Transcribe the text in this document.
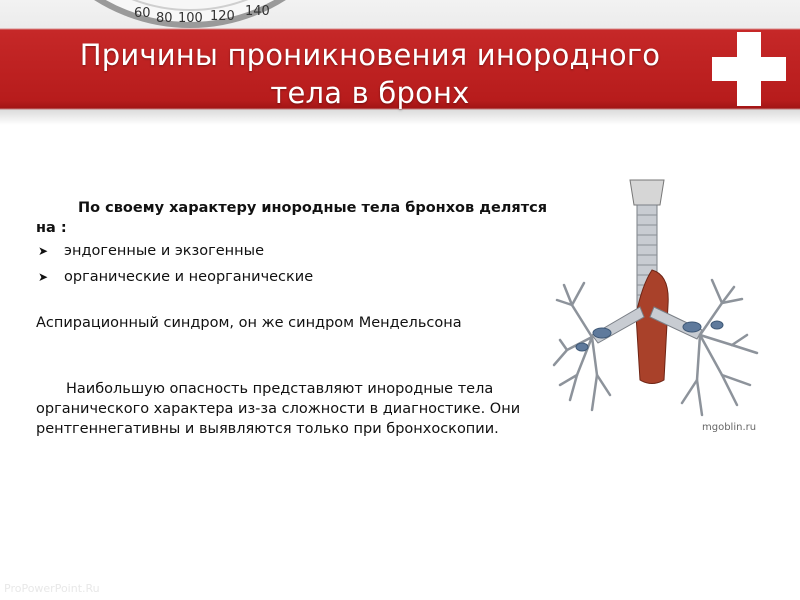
60 80 100 120 140
Причины проникновения инородного
тела в бронх

По своему характеру инородные тела бронхов делятся на :

➤ эндогенные и экзогенные
➤ органические и неорганические

Аспирационный синдром, он же синдром Мендельсона

Наибольшую опасность представляют инородные тела органического характера из-за сложности в диагностике. Они рентгеннегативны и выявляются только при бронхоскопии.	mgoblin.ru
ProPowerPoint.Ru
